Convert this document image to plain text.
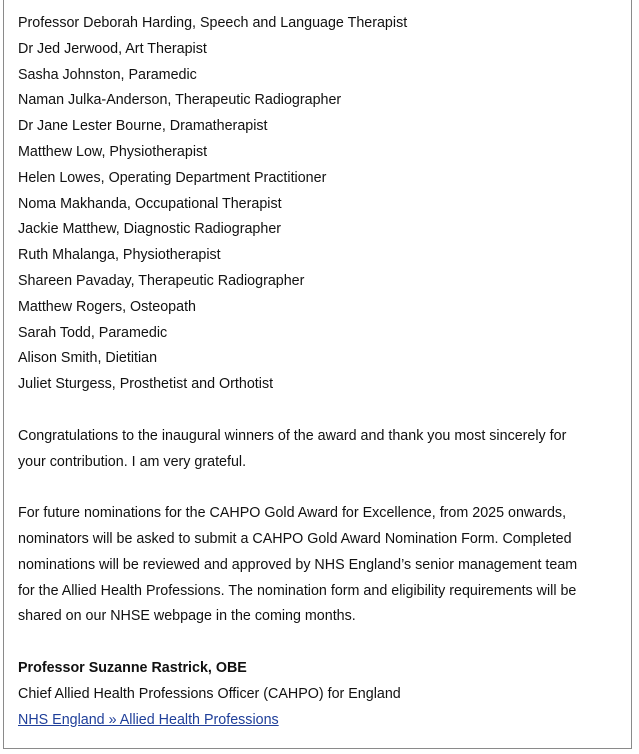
Professor Deborah Harding, Speech and Language Therapist
Dr Jed Jerwood, Art Therapist
Sasha Johnston, Paramedic
Naman Julka-Anderson, Therapeutic Radiographer
Dr Jane Lester Bourne, Dramatherapist
Matthew Low, Physiotherapist
Helen Lowes, Operating Department Practitioner
Noma Makhanda, Occupational Therapist
Jackie Matthew, Diagnostic Radiographer
Ruth Mhalanga, Physiotherapist
Shareen Pavaday, Therapeutic Radiographer
Matthew Rogers, Osteopath
Sarah Todd, Paramedic
Alison Smith, Dietitian
Juliet Sturgess, Prosthetist and Orthotist
Congratulations to the inaugural winners of the award and thank you most sincerely for
your contribution. I am very grateful.
For future nominations for the CAHPO Gold Award for Excellence, from 2025 onwards,
nominators will be asked to submit a CAHPO Gold Award Nomination Form. Completed
nominations will be reviewed and approved by NHS England’s senior management team
for the Allied Health Professions. The nomination form and eligibility requirements will be
shared on our NHSE webpage in the coming months.
Professor Suzanne Rastrick, OBE
Chief Allied Health Professions Officer (CAHPO) for England
NHS England » Allied Health Professions
